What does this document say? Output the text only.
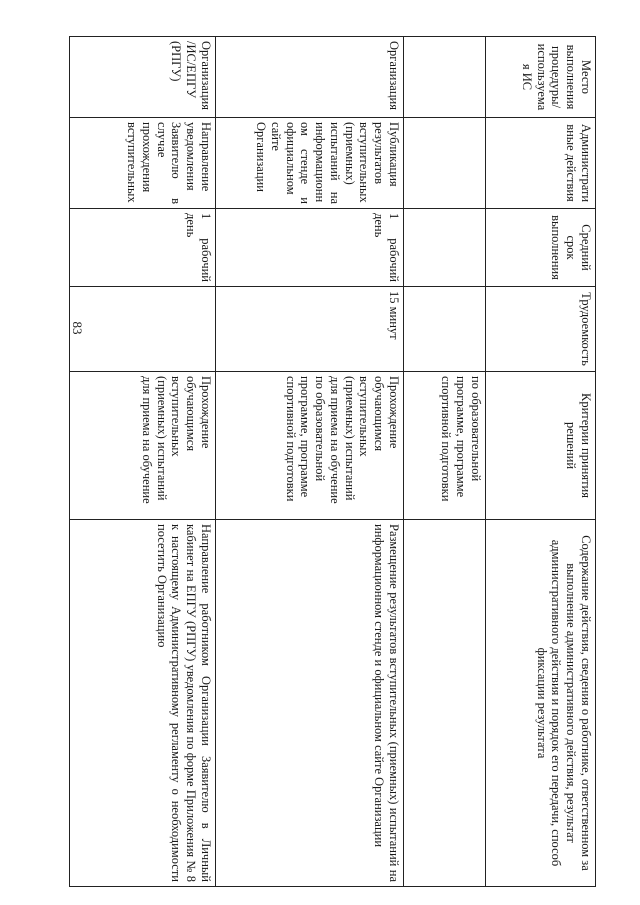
83
Место выполнения процедуры/используемая ИС	Административные действия	Средний срок выполнения	Трудоемкость	Критерии принятия решений	Содержание действия, сведения о работнике, ответственном за выполнение административного действия, результат административного действия и порядок его передачи, способ фиксации результата
				по образовательной программе, программе спортивной подготовки	
Организация	Публикация результатов вступительных (приемных) испытаний на информационном стенде и официальном сайте Организации	1 рабочий день	15 минут	Прохождение обучающимся вступительных (приемных) испытаний для приема на обучение по образовательной программе, программе спортивной подготовки	Размещение результатов вступительных (приемных) испытаний на информационном стенде и официальном сайте Организации
Организация /ИС/ЕПГУ (РПГУ)	Направление уведомления Заявителю в случае прохождения вступительных	1 рабочий день		Прохождение обучающимся вступительных (приемных) испытаний для приема на обучение	Направление работником Организации Заявителю в Личный кабинет на ЕПГУ (РПГУ) уведомления по форме Приложения № 8 к настоящему Административному регламенту о необходимости посетить Организацию
